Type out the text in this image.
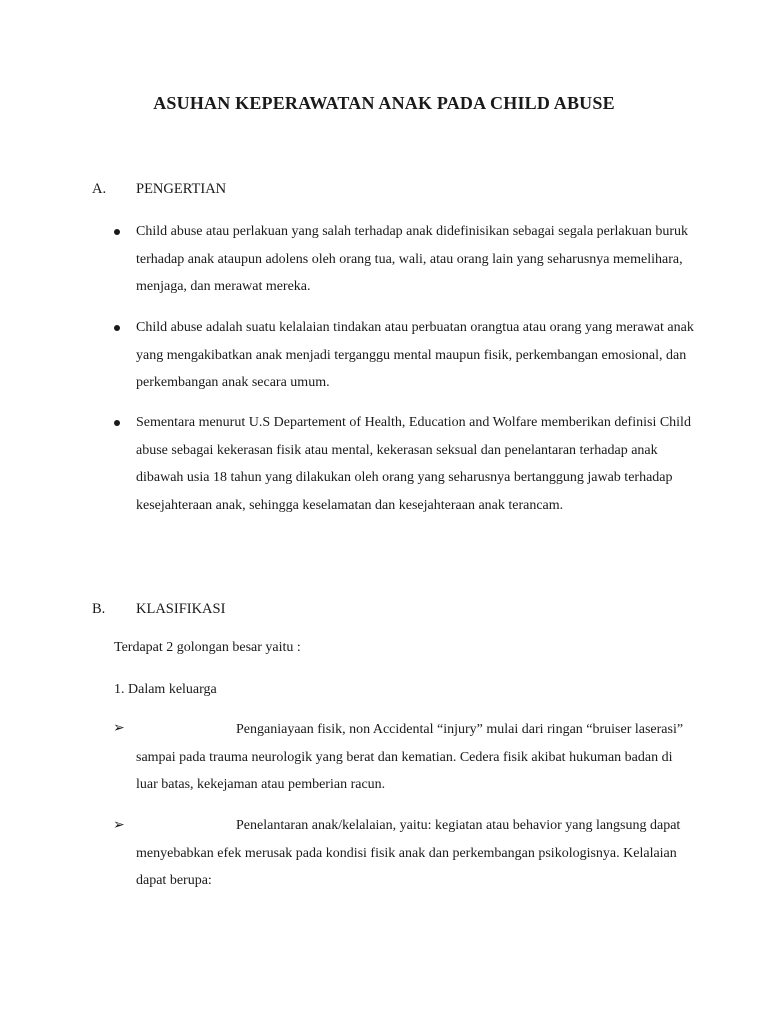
ASUHAN KEPERAWATAN ANAK PADA CHILD ABUSE
A. PENGERTIAN
Child abuse atau perlakuan yang salah terhadap anak didefinisikan sebagai segala perlakuan buruk terhadap anak ataupun adolens oleh orang tua, wali, atau orang lain yang seharusnya memelihara, menjaga, dan merawat mereka.
Child abuse adalah suatu kelalaian tindakan atau perbuatan orangtua atau orang yang merawat anak yang mengakibatkan anak menjadi terganggu mental maupun fisik, perkembangan emosional, dan perkembangan anak secara umum.
Sementara menurut U.S Departement of Health, Education and Wolfare memberikan definisi Child abuse sebagai kekerasan fisik atau mental, kekerasan seksual dan penelantaran terhadap anak dibawah usia 18 tahun yang dilakukan oleh orang yang seharusnya bertanggung jawab terhadap kesejahteraan anak, sehingga keselamatan dan kesejahteraan anak terancam.
B. KLASIFIKASI
Terdapat 2 golongan besar yaitu :
1. Dalam keluarga
➢	Penganiayaan fisik, non Accidental “injury” mulai dari ringan “bruiser laserasi” sampai pada trauma neurologik yang berat dan kematian. Cedera fisik akibat hukuman badan di luar batas, kekejaman atau pemberian racun.
➢	Penelantaran anak/kelalaian, yaitu: kegiatan atau behavior yang langsung dapat menyebabkan efek merusak pada kondisi fisik anak dan perkembangan psikologisnya. Kelalaian dapat berupa:
